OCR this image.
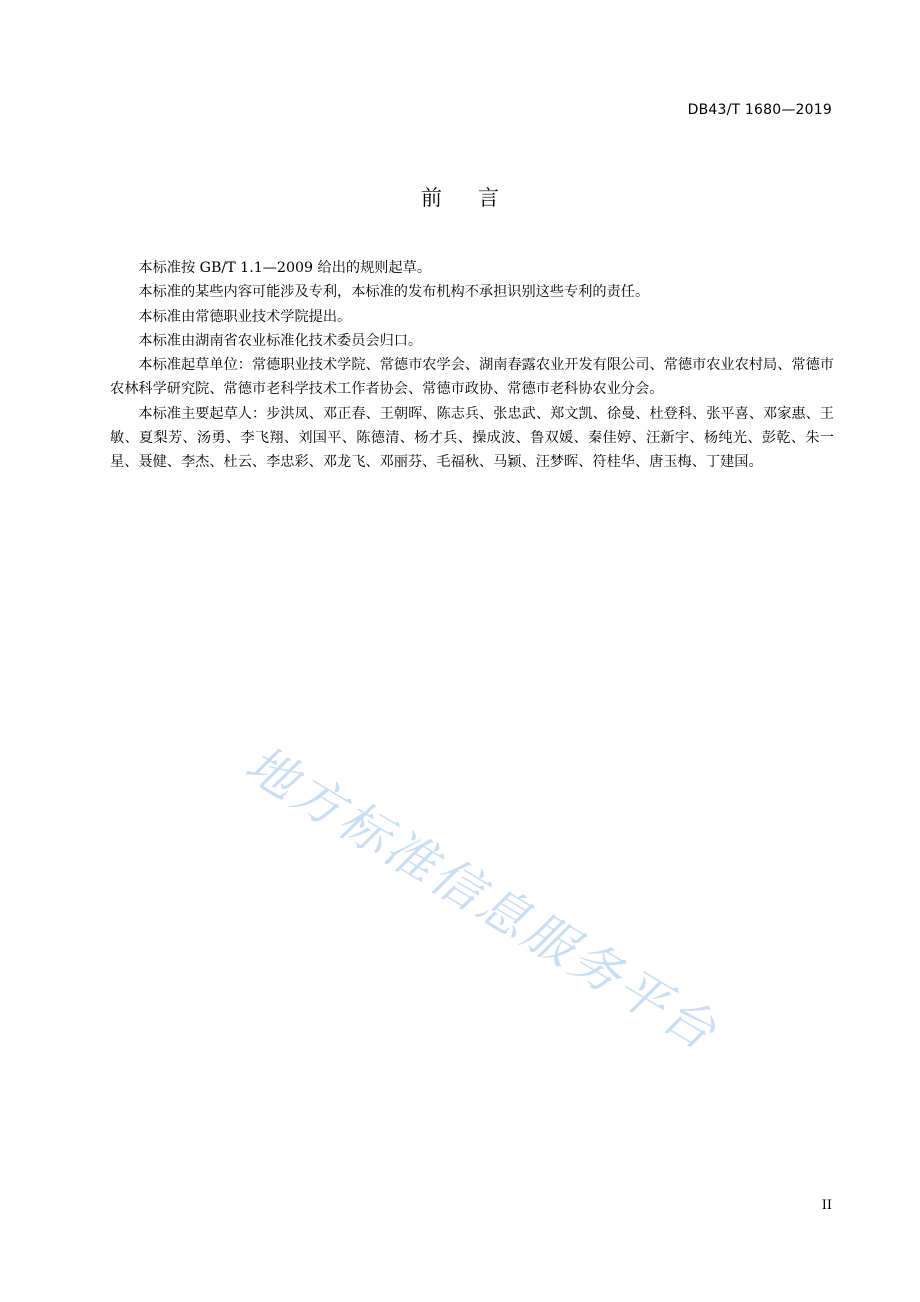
DB43/T 1680—2019
前言

本标准按 GB/T 1.1—2009 给出的规则起草。

本标准的某些内容可能涉及专利，本标准的发布机构不承担识别这些专利的责任。

本标准由常德职业技术学院提出。

本标准由湖南省农业标准化技术委员会归口。

本标准起草单位：常德职业技术学院、常德市农学会、湖南春露农业开发有限公司、常德市农业农村局、常德市农林科学研究院、常德市老科学技术工作者协会、常德市政协、常德市老科协农业分会。

本标准主要起草人：步洪凤、邓正春、王朝晖、陈志兵、张忠武、郑文凯、徐曼、杜登科、张平喜、邓家惠、王敏、夏梨芳、汤勇、李飞翔、刘国平、陈德清、杨才兵、操成波、鲁双媛、秦佳婷、汪新宇、杨纯光、彭乾、朱一星、聂健、李杰、杜云、李忠彩、邓龙飞、邓丽芬、毛福秋、马颖、汪梦晖、符桂华、唐玉梅、丁建国。

地方标准信息服务平台
II
